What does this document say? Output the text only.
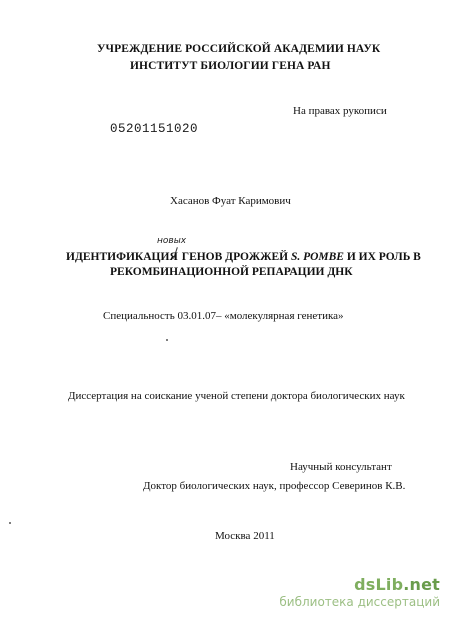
УЧРЕЖДЕНИЕ РОССИЙСКОЙ АКАДЕМИИ НАУК
ИНСТИТУТ БИОЛОГИИ ГЕНА РАН
На правах рукописи
05201151020
Хасанов Фуат Каримович
новых
ИДЕНТИФИКАЦИЯ ГЕНОВ ДРОЖЖЕЙ S. POMBE И ИХ РОЛЬ В
РЕКОМБИНАЦИОННОЙ РЕПАРАЦИИ ДНК
Специальность 03.01.07– «молекулярная генетика»
Диссертация на соискание ученой степени доктора биологических наук
Научный консультант
Доктор биологических наук, профессор Северинов К.В.
Москва 2011
dsLib.net
библиотека диссертаций
